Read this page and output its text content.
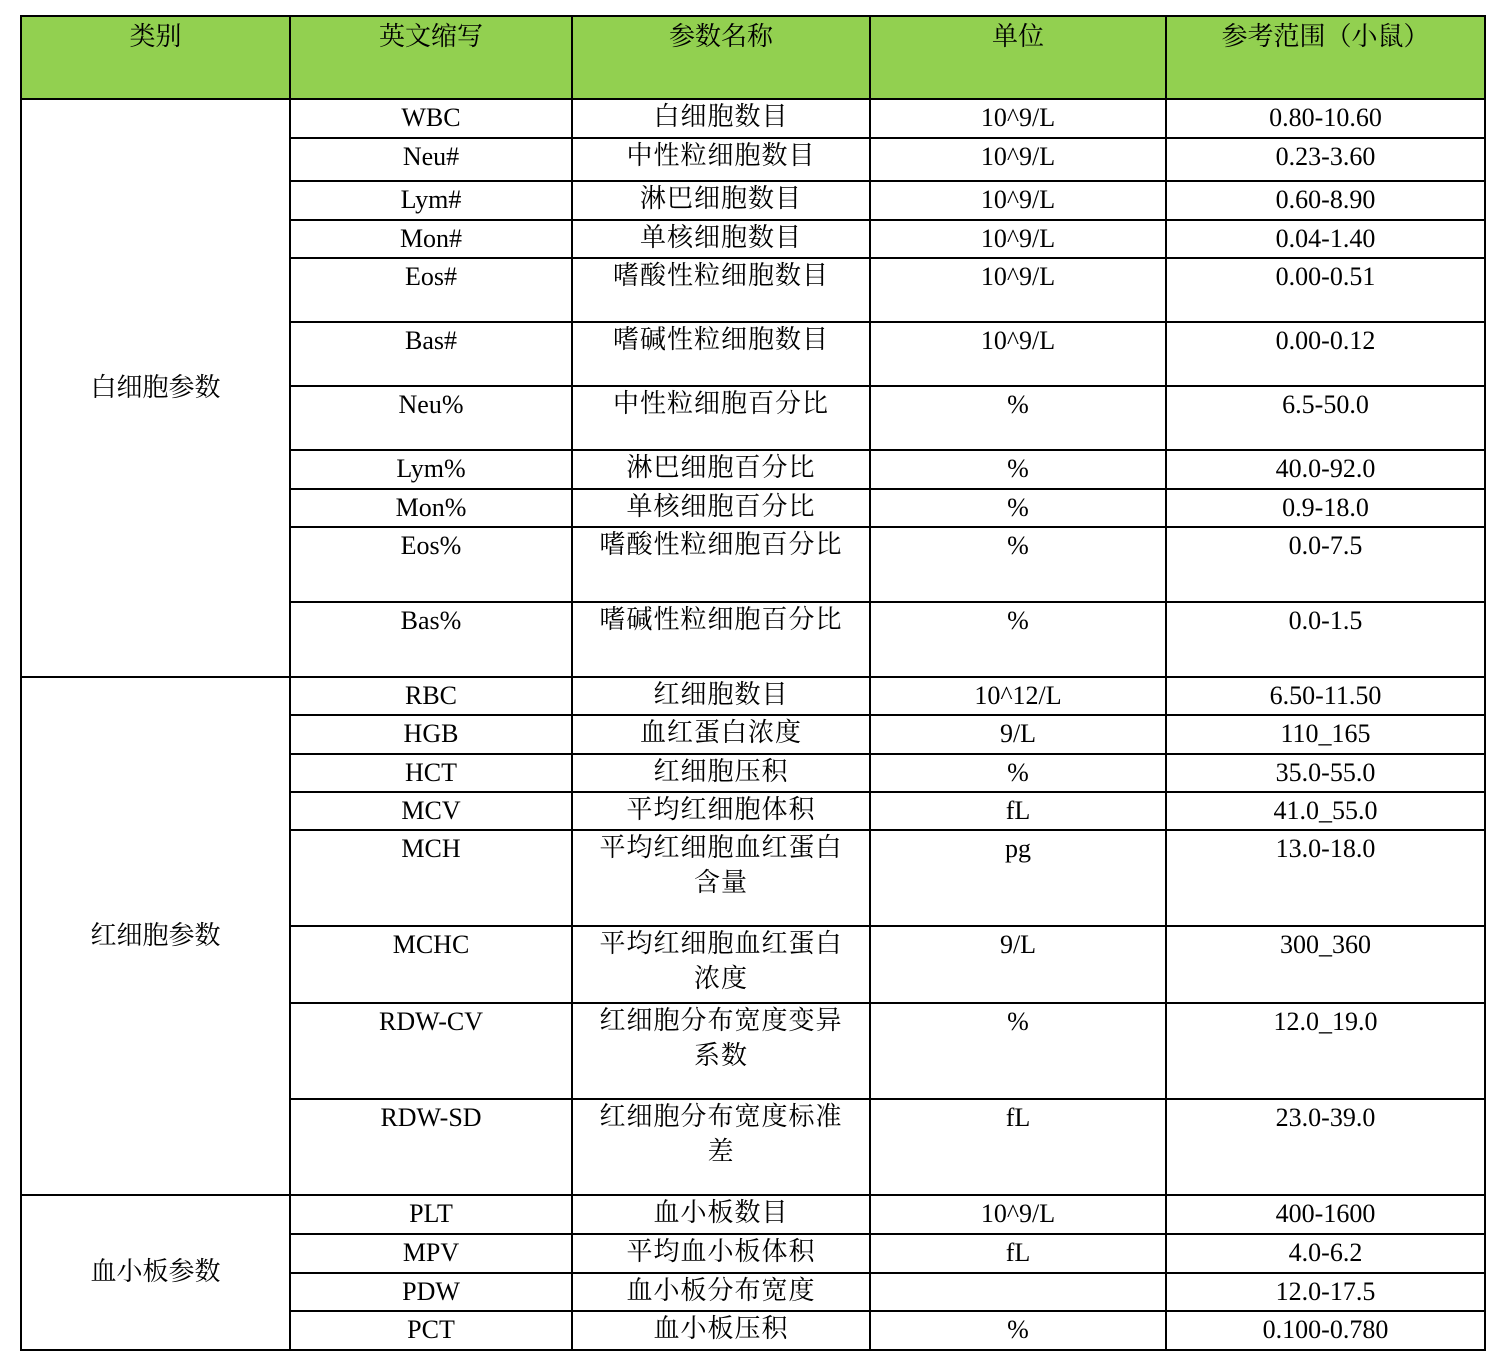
类别	英文缩写	参数名称	单位	参考范围（小鼠）
白细胞参数	WBC	白细胞数目	10^9/L	0.80-10.60
	Neu#	中性粒细胞数目	10^9/L	0.23-3.60
	Lym#	淋巴细胞数目	10^9/L	0.60-8.90
	Mon#	单核细胞数目	10^9/L	0.04-1.40
	Eos#	嗜酸性粒细胞数目	10^9/L	0.00-0.51
	Bas#	嗜碱性粒细胞数目	10^9/L	0.00-0.12
	Neu%	中性粒细胞百分比	%	6.5-50.0
	Lym%	淋巴细胞百分比	%	40.0-92.0
	Mon%	单核细胞百分比	%	0.9-18.0
	Eos%	嗜酸性粒细胞百分比	%	0.0-7.5
	Bas%	嗜碱性粒细胞百分比	%	0.0-1.5
红细胞参数	RBC	红细胞数目	10^12/L	6.50-11.50
	HGB	血红蛋白浓度	9/L	110_165
	HCT	红细胞压积	%	35.0-55.0
	MCV	平均红细胞体积	fL	41.0_55.0
	MCH	平均红细胞血红蛋白含量	pg	13.0-18.0
	MCHC	平均红细胞血红蛋白浓度	9/L	300_360
	RDW-CV	红细胞分布宽度变异系数	%	12.0_19.0
	RDW-SD	红细胞分布宽度标准差	fL	23.0-39.0
血小板参数	PLT	血小板数目	10^9/L	400-1600
	MPV	平均血小板体积	fL	4.0-6.2
	PDW	血小板分布宽度		12.0-17.5
	PCT	血小板压积	%	0.100-0.780
